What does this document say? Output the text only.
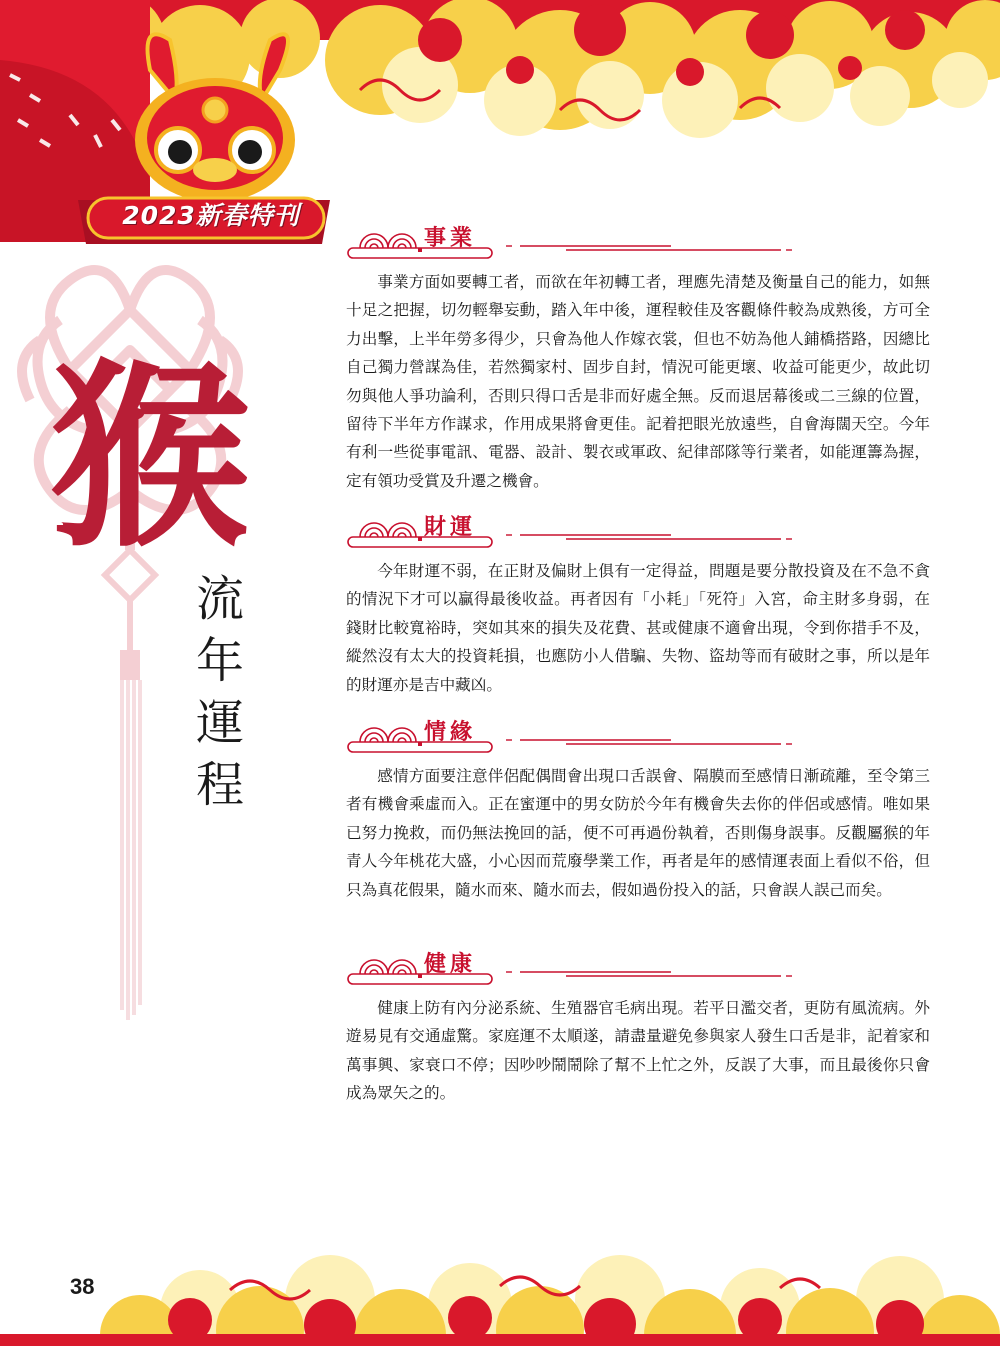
2023新春特刊
猴
流年運程
事業
事業方面如要轉工者，而欲在年初轉工者，理應先清楚及衡量自己的能力，如無十足之把握，切勿輕舉妄動，踏入年中後，運程較佳及客觀條件較為成熟後，方可全力出擊，上半年勞多得少，只會為他人作嫁衣裳，但也不妨為他人鋪橋搭路，因總比自己獨力營謀為佳，若然獨家村、固步自封，情況可能更壞、收益可能更少，故此切勿與他人爭功論利，否則只得口舌是非而好處全無。反而退居幕後或二三線的位置，留待下半年方作謀求，作用成果將會更佳。記着把眼光放遠些，自會海闊天空。今年有利一些從事電訊、電器、設計、製衣或軍政、紀律部隊等行業者，如能運籌為握，定有領功受賞及升遷之機會。
財運
今年財運不弱，在正財及偏財上俱有一定得益，問題是要分散投資及在不急不貪的情況下才可以贏得最後收益。再者因有「小耗」「死符」入宮，命主財多身弱，在錢財比較寬裕時，突如其來的損失及花費、甚或健康不適會出現，令到你措手不及，縱然沒有太大的投資耗損，也應防小人借騙、失物、盜劫等而有破財之事，所以是年的財運亦是吉中藏凶。
情緣
感情方面要注意伴侶配偶間會出現口舌誤會、隔膜而至感情日漸疏離，至令第三者有機會乘虛而入。正在蜜運中的男女防於今年有機會失去你的伴侶或感情。唯如果已努力挽救，而仍無法挽回的話，便不可再過份執着，否則傷身誤事。反觀屬猴的年青人今年桃花大盛，小心因而荒廢學業工作，再者是年的感情運表面上看似不俗，但只為真花假果，隨水而來、隨水而去，假如過份投入的話，只會誤人誤己而矣。
健康
健康上防有內分泌系統、生殖器官毛病出現。若平日濫交者，更防有風流病。外遊易見有交通虛驚。家庭運不太順遂，請盡量避免參與家人發生口舌是非，記着家和萬事興、家衰口不停；因吵吵鬧鬧除了幫不上忙之外，反誤了大事，而且最後你只會成為眾矢之的。
38
